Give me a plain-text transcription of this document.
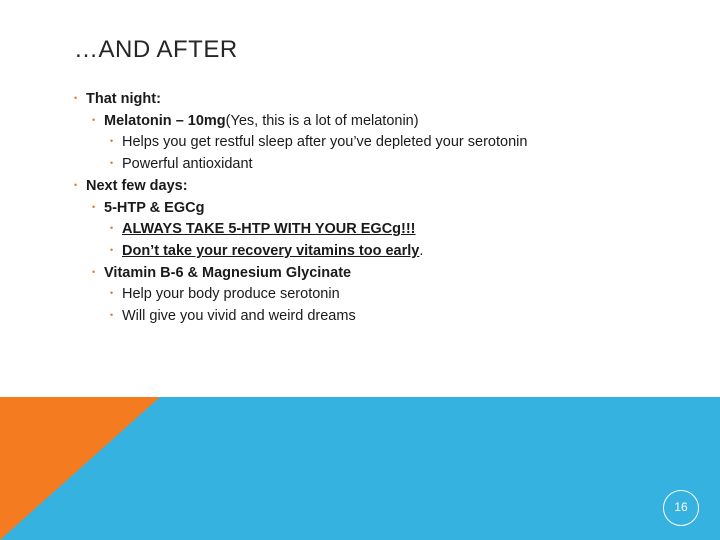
…AND AFTER
• That night:
• Melatonin – 10mg(Yes, this is a lot of melatonin)
• Helps you get restful sleep after you’ve depleted your serotonin
• Powerful antioxidant
• Next few days:
• 5-HTP & EGCg
• ALWAYS TAKE 5-HTP WITH YOUR EGCg!!!
• Don’t take your recovery vitamins too early.
• Vitamin B-6 & Magnesium Glycinate
• Help your body produce serotonin
• Will give you vivid and weird dreams
16
